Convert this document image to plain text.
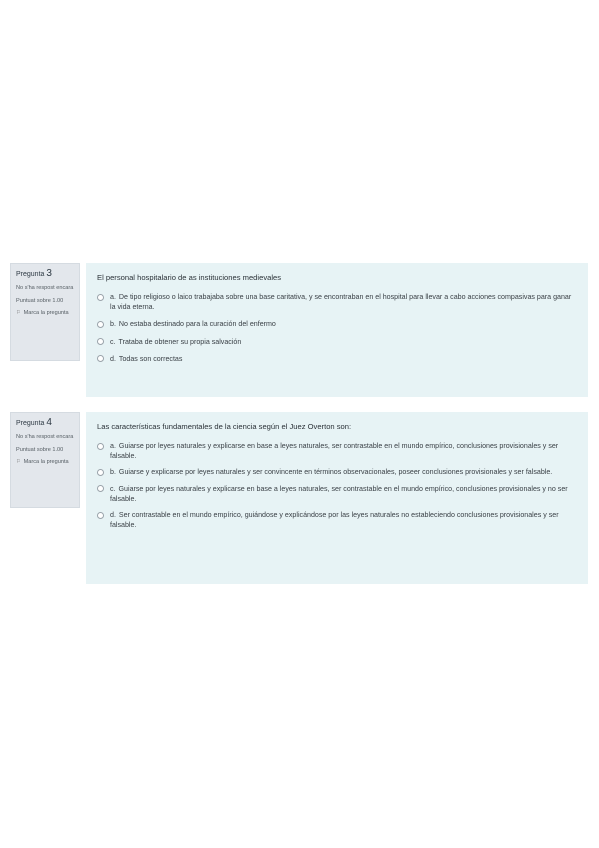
Pregunta 3
No s'ha respost encara
Puntuat sobre 1.00
⚐ Marca la pregunta
El personal hospitalario de as instituciones medievales
a. De tipo religioso o laico trabajaba sobre una base caritativa, y se encontraban en el hospital para llevar a cabo acciones compasivas para ganar la vida eterna.
b. No estaba destinado para la curación del enfermo
c. Trataba de obtener su propia salvación
d. Todas son correctas
Pregunta 4
No s'ha respost encara
Puntuat sobre 1.00
⚐ Marca la pregunta
Las características fundamentales de la ciencia según el Juez Overton son:
a. Guiarse por leyes naturales y explicarse en base a leyes naturales, ser contrastable en el mundo empírico, conclusiones provisionales y ser falsable.
b. Guiarse y explicarse por leyes naturales y ser convincente en términos observacionales, poseer conclusiones provisionales y ser falsable.
c. Guiarse por leyes naturales y explicarse en base a leyes naturales, ser contrastable en el mundo empírico, conclusiones provisionales y no ser falsable.
d. Ser contrastable en el mundo empírico, guiándose y explicándose por las leyes naturales no estableciendo conclusiones provisionales y ser falsable.
